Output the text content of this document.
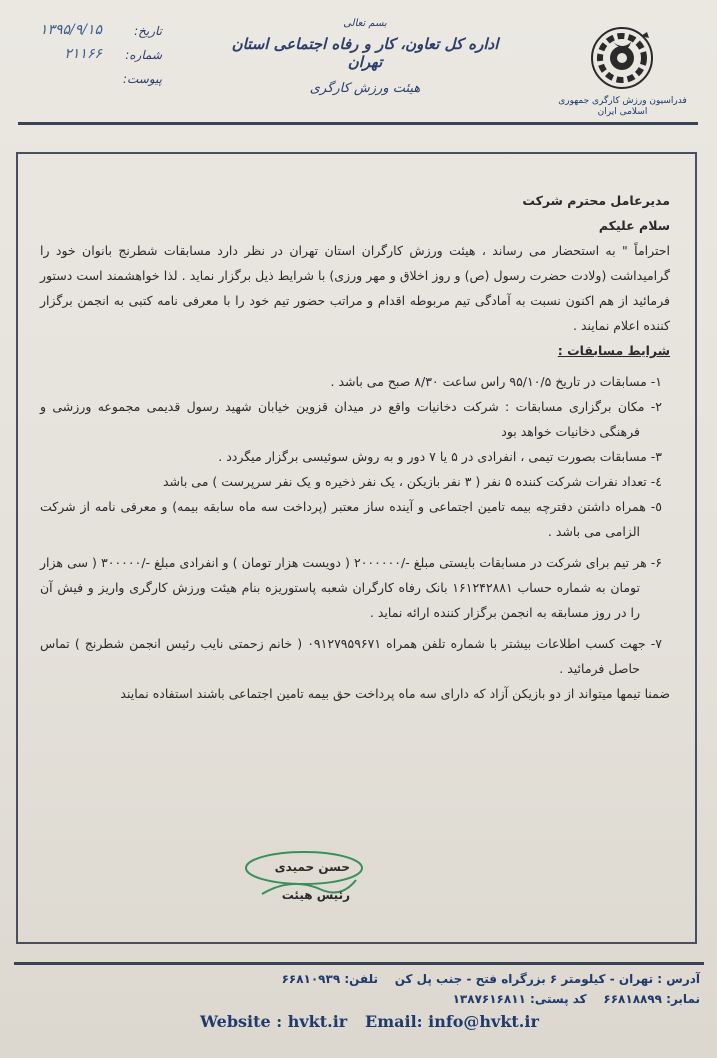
فدراسیون ورزش کارگری جمهوری اسلامی ایران
بسم تعالی
اداره کل تعاون، کار و رفاه اجتماعی استان تهران
هیئت ورزش کارگری
تاریخ:
۱۳۹۵/۹/۱۵
شماره:
۲۱۱۶۶
پیوست:

مدیرعامل محترم شرکت

سلام علیکم

احتراماً " به استحضار می رساند ، هیئت ورزش کارگران استان تهران در نظر دارد مسابقات شطرنج بانوان خود را گرامیداشت (ولادت حضرت رسول (ص) و روز اخلاق و مهر ورزی) با شرایط ذیل برگزار نماید . لذا خواهشمند است دستور فرمائید از هم اکنون نسبت به آمادگی تیم مربوطه اقدام و مراتب حضور تیم خود را با معرفی نامه کتبی به انجمن برگزار کننده اعلام نمایند .

شرایط مسابقات :

۱- مسابقات در تاریخ ۹۵/۱۰/۵ راس ساعت ۸/۳۰ صبح می باشد .

۲- مکان برگزاری مسابقات : شرکت دخانیات واقع در میدان قزوین خیابان شهید رسول قدیمی مجموعه ورزشی و فرهنگی دخانیات خواهد بود

۳- مسابقات بصورت تیمی ، انفرادی در ۵ یا ۷ دور و به روش سوئیسی برگزار میگردد .

٤- تعداد نفرات شرکت کننده ۵ نفر ( ۳ نفر بازیکن ، یک نفر ذخیره و یک نفر سرپرست ) می باشد

٥- همراه داشتن دفترچه بیمه تامین اجتماعی و آینده ساز معتبر (پرداخت سه ماه سابقه بیمه) و معرفی نامه از شرکت الزامی می باشد .

۶- هر تیم برای شرکت در مسابقات بایستی مبلغ -/۲۰۰۰۰۰۰ ( دویست هزار تومان ) و انفرادی مبلغ -/۳۰۰۰۰۰ ( سی هزار تومان به شماره حساب ۱۶۱۲۴۲۸۸۱ بانک رفاه کارگران شعبه پاستوریزه بنام هیئت ورزش کارگری واریز و فیش آن را در روز مسابقه به انجمن برگزار کننده ارائه نماید .

۷- جهت کسب اطلاعات بیشتر با شماره تلفن همراه ۰۹۱۲۷۹۵۹۶۷۱ ( خانم زحمتی نایب رئیس انجمن شطرنج ) تماس حاصل فرمائید .

ضمنا تیمها میتواند از دو بازیکن آزاد که دارای سه ماه پرداخت حق بیمه تامین اجتماعی باشند استفاده نمایند

حسن حمیدی
رئیس هیئت
آدرس : تهران - کیلومتر ۶ بزرگراه فتح - جنب پل کن    تلفن: ۶۶۸۱۰۹۳۹
نمابر: ۶۶۸۱۸۸۹۹    کد پستی: ۱۳۸۷۶۱۶۸۱۱
Website : hvkt.ir Email: info@hvkt.ir
